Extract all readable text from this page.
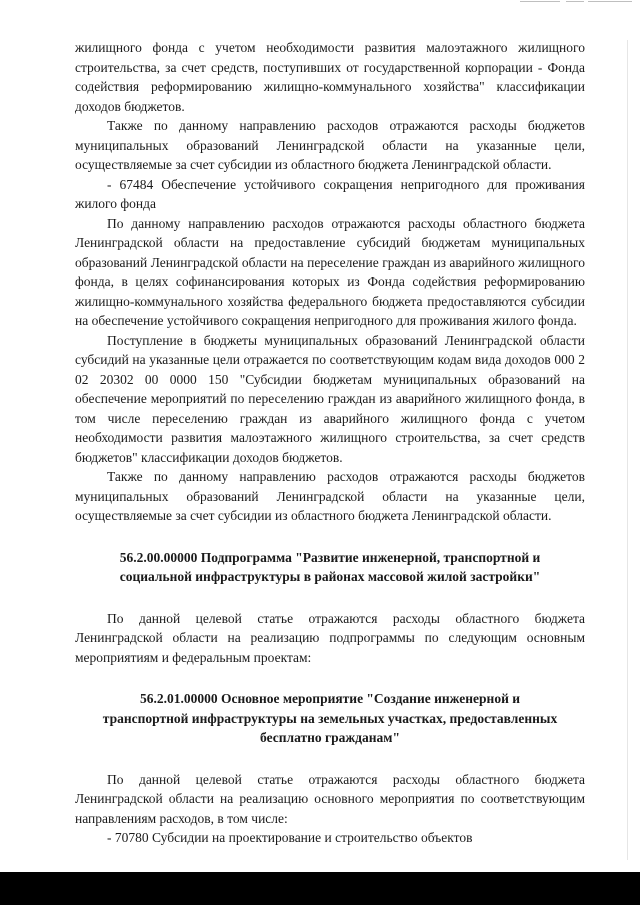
жилищного фонда с учетом необходимости развития малоэтажного жилищного строительства, за счет средств, поступивших от государственной корпорации - Фонда содействия реформированию жилищно-коммунального хозяйства" классификации доходов бюджетов.

Также по данному направлению расходов отражаются расходы бюджетов муниципальных образований Ленинградской области на указанные цели, осуществляемые за счет субсидии из областного бюджета Ленинградской области.

- 67484 Обеспечение устойчивого сокращения непригодного для проживания жилого фонда

По данному направлению расходов отражаются расходы областного бюджета Ленинградской области на предоставление субсидий бюджетам муниципальных образований Ленинградской области на переселение граждан из аварийного жилищного фонда, в целях софинансирования которых из Фонда содействия реформированию жилищно-коммунального хозяйства федерального бюджета предоставляются субсидии на обеспечение устойчивого сокращения непригодного для проживания жилого фонда.

Поступление в бюджеты муниципальных образований Ленинградской области субсидий на указанные цели отражается по соответствующим кодам вида доходов 000 2 02 20302 00 0000 150 "Субсидии бюджетам муниципальных образований на обеспечение мероприятий по переселению граждан из аварийного жилищного фонда, в том числе переселению граждан из аварийного жилищного фонда с учетом необходимости развития малоэтажного жилищного строительства, за счет средств бюджетов" классификации доходов бюджетов.

Также по данному направлению расходов отражаются расходы бюджетов муниципальных образований Ленинградской области на указанные цели, осуществляемые за счет субсидии из областного бюджета Ленинградской области.

56.2.00.00000 Подпрограмма "Развитие инженерной, транспортной и социальной инфраструктуры в районах массовой жилой застройки"

По данной целевой статье отражаются расходы областного бюджета Ленинградской области на реализацию подпрограммы по следующим основным мероприятиям и федеральным проектам:

56.2.01.00000 Основное мероприятие "Создание инженерной и транспортной инфраструктуры на земельных участках, предоставленных бесплатно гражданам"

По данной целевой статье отражаются расходы областного бюджета Ленинградской области на реализацию основного мероприятия по соответствующим направлениям расходов, в том числе:

- 70780 Субсидии на проектирование и строительство объектов
